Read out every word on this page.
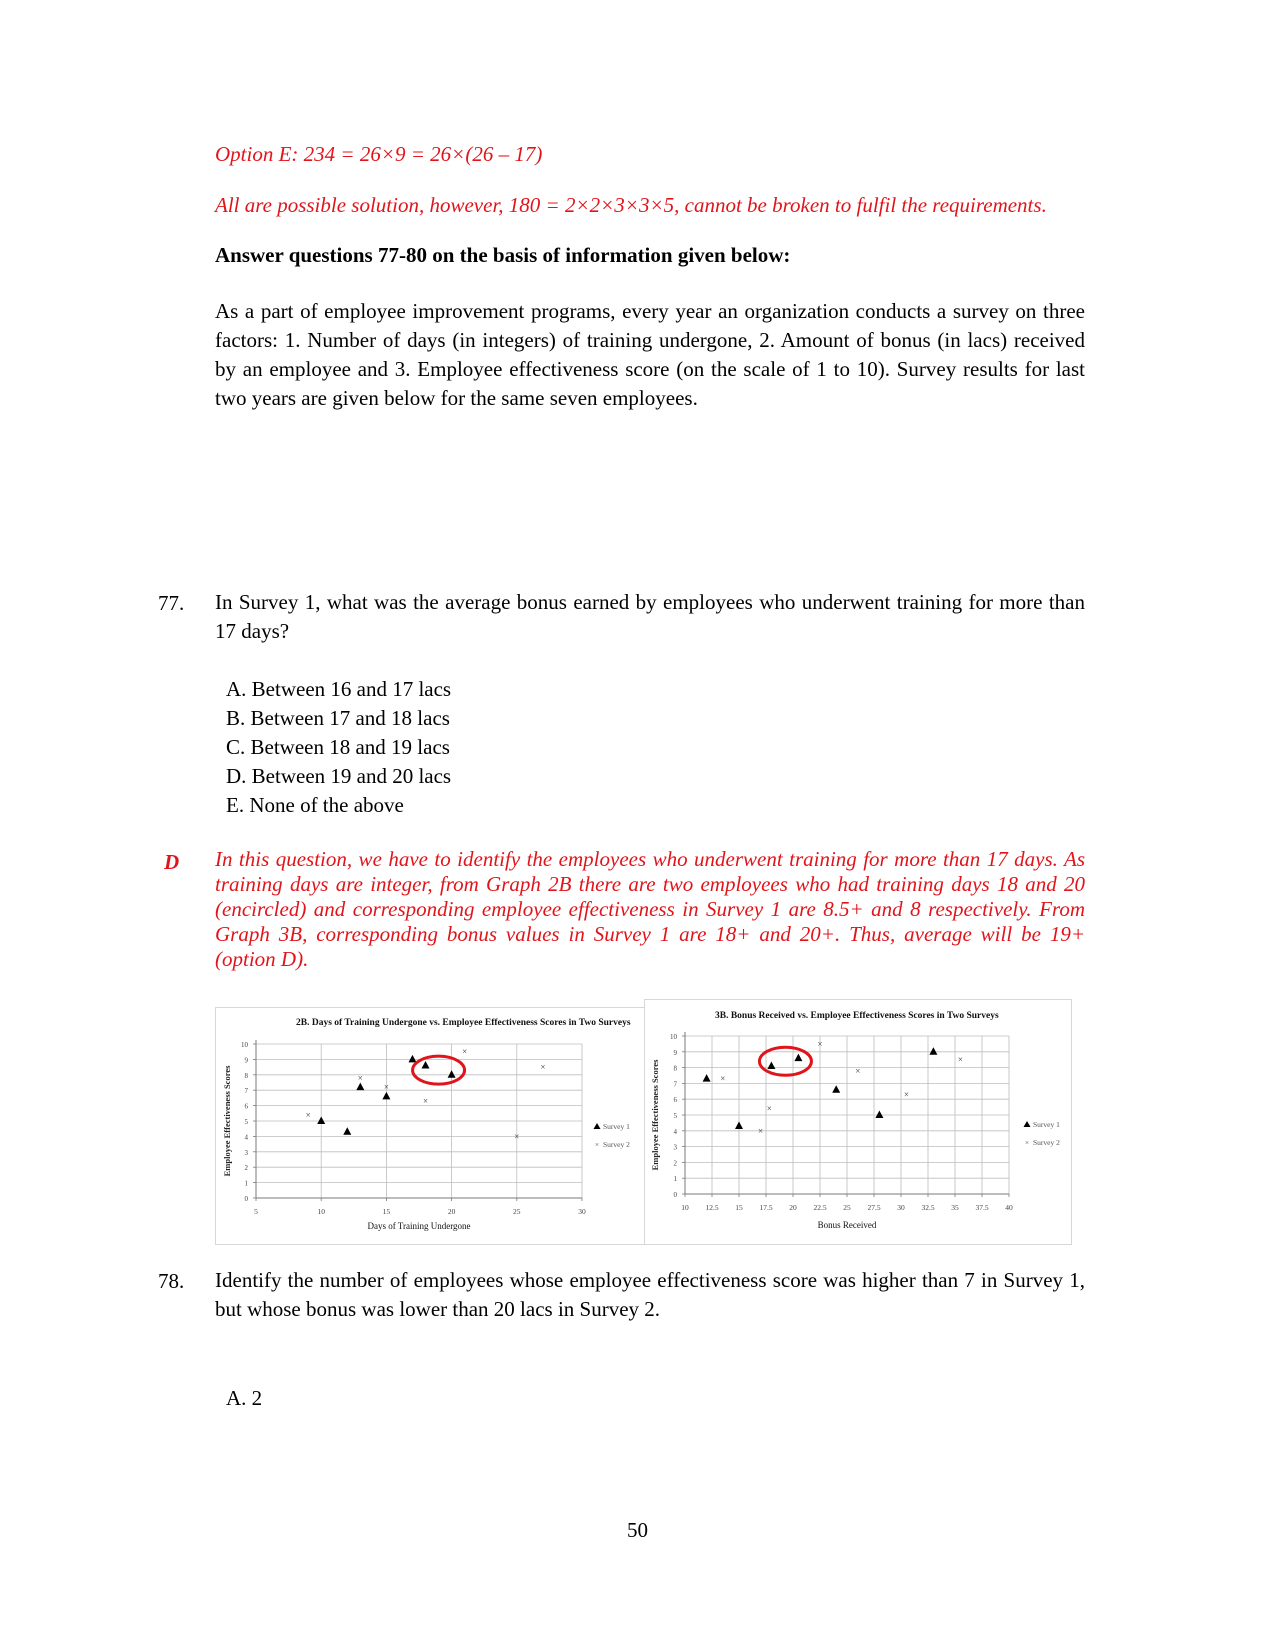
Option E: 234 = 26×9 = 26×(26 – 17)
All are possible solution, however, 180 = 2×2×3×3×5, cannot be broken to fulfil the requirements.
Answer questions 77-80 on the basis of information given below:
As a part of employee improvement programs, every year an organization conducts a survey on three factors: 1. Number of days (in integers) of training undergone, 2. Amount of bonus (in lacs) received by an employee and 3. Employee effectiveness score (on the scale of 1 to 10). Survey results for last two years are given below for the same seven employees.
77. In Survey 1, what was the average bonus earned by employees who underwent training for more than 17 days?
A. Between 16 and 17 lacs
B. Between 17 and 18 lacs
C. Between 18 and 19 lacs
D. Between 19 and 20 lacs
E. None of the above
D In this question, we have to identify the employees who underwent training for more than 17 days. As training days are integer, from Graph 2B there are two employees who had training days 18 and 20 (encircled) and corresponding employee effectiveness in Survey 1 are 8.5+ and 8 respectively. From Graph 3B, corresponding bonus values in Survey 1 are 18+ and 20+. Thus, average will be 19+ (option D).
2B. Days of Training Undergone vs. Employee Effectiveness Scores in Two Surveys
0
1
2
3
4
5
6
7
8
9
10
5	10	15	20	25	30
Days of Training Undergone
Employee Effectiveness Scores	×
×
×
×
×
×
×
Survey 1
× Survey 2
3B. Bonus Received vs. Employee Effectiveness Scores in Two Surveys
0
1
2
3
4
5
6
7
8
9
10
10 12.5 15 17.5 20 22.5 25 27.5 30 32.5 35 37.5 40
Bonus Received
Employee Effectiveness Scores	×
×
×
×
×
×
×
Survey 1
× Survey 2
78. Identify the number of employees whose employee effectiveness score was higher than 7 in Survey 1, but whose bonus was lower than 20 lacs in Survey 2.
A. 2
50
